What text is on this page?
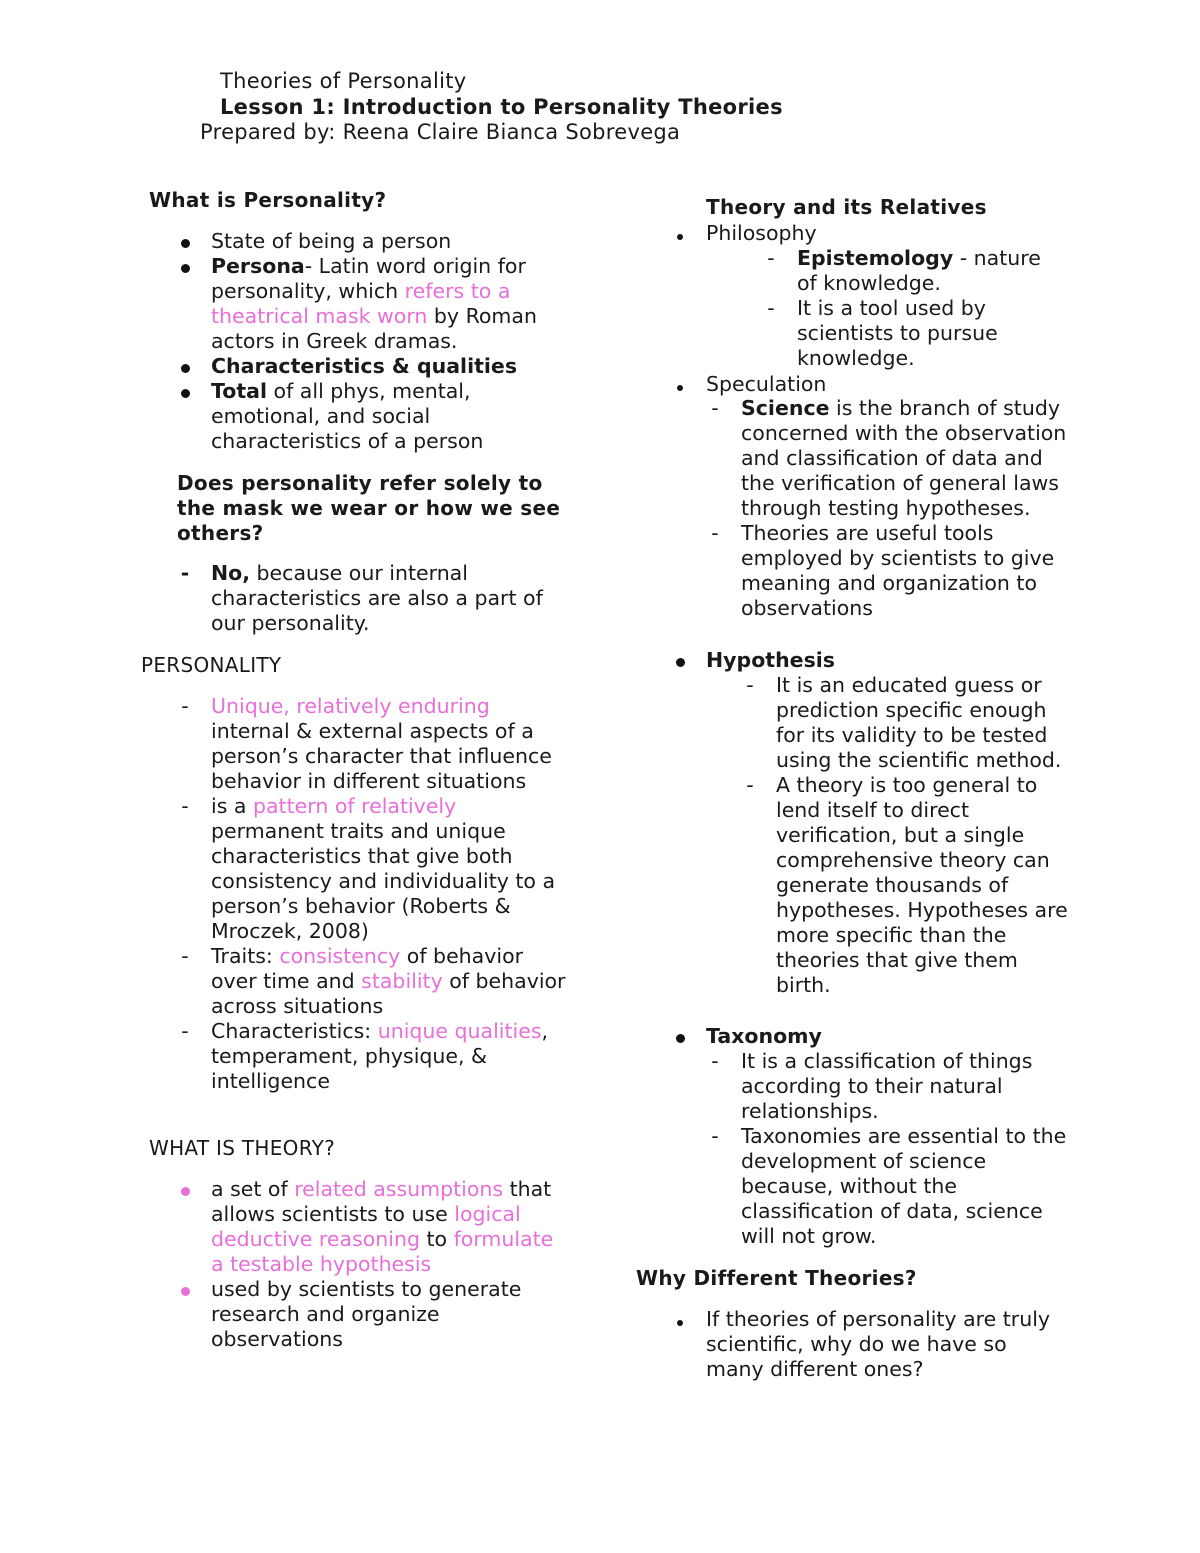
Theories of Personality
Lesson 1: Introduction to Personality Theories
Prepared by: Reena Claire Bianca Sobrevega
What is Personality?
State of being a person
Persona- Latin word origin for personality, which refers to a theatrical mask worn by Roman actors in Greek dramas.
Characteristics & qualities
Total of all phys, mental, emotional, and social characteristics of a person
Does personality refer solely to the mask we wear or how we see others?
- No, because our internal characteristics are also a part of our personality.
PERSONALITY
-	Unique, relatively enduring internal & external aspects of a person’s character that influence behavior in different situations
-	is a pattern of relatively permanent traits and unique characteristics that give both consistency and individuality to a person’s behavior (Roberts & Mroczek, 2008)
-	Traits: consistency of behavior over time and stability of behavior across situations
-	Characteristics: unique qualities, temperament, physique, & intelligence
WHAT IS THEORY?
a set of related assumptions that allows scientists to use logical deductive reasoning to formulate a testable hypothesis
used by scientists to generate research and organize observations
Theory and its Relatives
Philosophy
-	Epistemology - nature of knowledge.
-	It is a tool used by scientists to pursue knowledge.
Speculation
-	Science is the branch of study concerned with the observation and classification of data and the verification of general laws through testing hypotheses.
-	Theories are useful tools employed by scientists to give meaning and organization to observations
Hypothesis
-	It is an educated guess or prediction specific enough for its validity to be tested using the scientific method.
-	A theory is too general to lend itself to direct verification, but a single comprehensive theory can generate thousands of hypotheses. Hypotheses are more specific than the theories that give them birth.
Taxonomy
-	It is a classification of things according to their natural relationships.
-	Taxonomies are essential to the development of science because, without the classification of data, science will not grow.
Why Different Theories?
If theories of personality are truly scientific, why do we have so many different ones?
